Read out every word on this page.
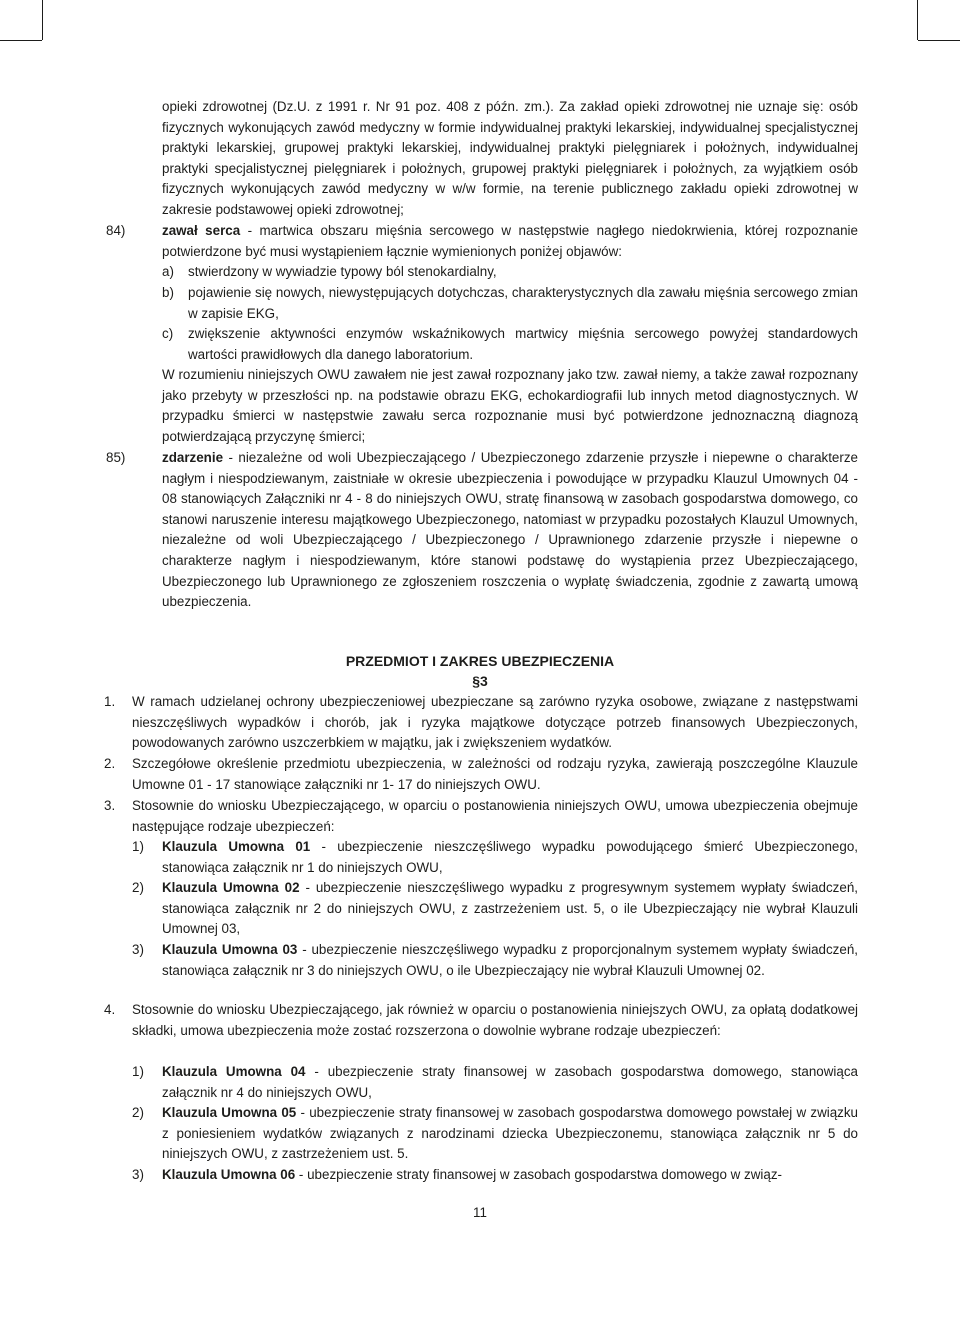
opieki zdrowotnej (Dz.U. z 1991 r. Nr 91 poz. 408 z późn. zm.). Za zakład opieki zdrowotnej nie uznaje się: osób fizycznych wykonujących zawód medyczny w formie indywidualnej praktyki lekarskiej, indywidualnej specjalistycznej praktyki lekarskiej, grupowej praktyki lekarskiej, indywidualnej praktyki pielęgniarek i położnych, indywidualnej praktyki specjalistycznej pielęgniarek i położnych, grupowej praktyki pielęgniarek i położnych, za wyjątkiem osób fizycznych wykonujących zawód medyczny w w/w formie, na terenie publicznego zakładu opieki zdrowotnej w zakresie podstawowej opieki zdrowotnej;

84)	zawał serca - martwica obszaru mięśnia sercowego w następstwie nagłego niedokrwienia, której rozpoznanie potwierdzone być musi wystąpieniem łącznie wymienionych poniżej objawów:

a) stwierdzony w wywiadzie typowy ból stenokardialny,

b) pojawienie się nowych, niewystępujących dotychczas, charakterystycznych dla zawału mięśnia sercowego zmian w zapisie EKG,

c) zwiększenie aktywności enzymów wskaźnikowych martwicy mięśnia sercowego powyżej standardowych wartości prawidłowych dla danego laboratorium.

W rozumieniu niniejszych OWU zawałem nie jest zawał rozpoznany jako tzw. zawał niemy, a także zawał rozpoznany jako przebyty w przeszłości np. na podstawie obrazu EKG, echokardiografii lub innych metod diagnostycznych. W przypadku śmierci w następstwie zawału serca rozpoznanie musi być potwierdzone jednoznaczną diagnozą potwierdzającą przyczynę śmierci;

85)	zdarzenie - niezależne od woli Ubezpieczającego / Ubezpieczonego zdarzenie przyszłe i niepewne o charakterze nagłym i niespodziewanym, zaistniałe w okresie ubezpieczenia i powodujące w przypadku Klauzul Umownych 04 - 08 stanowiących Załączniki nr 4 - 8 do niniejszych OWU, stratę finansową w zasobach gospodarstwa domowego, co stanowi naruszenie interesu majątkowego Ubezpieczonego, natomiast w przypadku pozostałych Klauzul Umownych, niezależne od woli Ubezpieczającego / Ubezpieczonego / Uprawnionego zdarzenie przyszłe i niepewne o charakterze nagłym i niespodziewanym, które stanowi podstawę do wystąpienia przez Ubezpieczającego, Ubezpieczonego lub Uprawnionego ze zgłoszeniem roszczenia o wypłatę świadczenia, zgodnie z zawartą umową ubezpieczenia.

PRZEDMIOT I ZAKRES UBEZPIECZENIA
§3
1. W ramach udzielanej ochrony ubezpieczeniowej ubezpieczane są zarówno ryzyka osobowe, związane z następstwami nieszczęśliwych wypadków i chorób, jak i ryzyka majątkowe dotyczące potrzeb finansowych Ubezpieczonych, powodowanych zarówno uszczerbkiem w majątku, jak i zwiększeniem wydatków.

2. Szczegółowe określenie przedmiotu ubezpieczenia, w zależności od rodzaju ryzyka, zawierają poszczególne Klauzule Umowne 01 - 17 stanowiące załączniki nr 1- 17 do niniejszych OWU.

3. Stosownie do wniosku Ubezpieczającego, w oparciu o postanowienia niniejszych OWU, umowa ubezpieczenia obejmuje następujące rodzaje ubezpieczeń:

1) Klauzula Umowna 01 - ubezpieczenie nieszczęśliwego wypadku powodującego śmierć Ubezpieczonego, stanowiąca załącznik nr 1 do niniejszych OWU,

2) Klauzula Umowna 02 - ubezpieczenie nieszczęśliwego wypadku z progresywnym systemem wypłaty świadczeń, stanowiąca załącznik nr 2 do niniejszych OWU, z zastrzeżeniem ust. 5, o ile Ubezpieczający nie wybrał Klauzuli Umownej 03,

3) Klauzula Umowna 03 - ubezpieczenie nieszczęśliwego wypadku z proporcjonalnym systemem wypłaty świadczeń, stanowiąca załącznik nr 3 do niniejszych OWU, o ile Ubezpieczający nie wybrał Klauzuli Umownej 02.

4. Stosownie do wniosku Ubezpieczającego, jak również w oparciu o postanowienia niniejszych OWU, za opłatą dodatkowej składki, umowa ubezpieczenia może zostać rozszerzona o dowolnie wybrane rodzaje ubezpieczeń:

1) Klauzula Umowna 04 - ubezpieczenie straty finansowej w zasobach gospodarstwa domowego, stanowiąca załącznik nr 4 do niniejszych OWU,

2) Klauzula Umowna 05 - ubezpieczenie straty finansowej w zasobach gospodarstwa domowego powstałej w związku z poniesieniem wydatków związanych z narodzinami dziecka Ubezpieczonemu, stanowiąca załącznik nr 5 do niniejszych OWU, z zastrzeżeniem ust. 5.

3) Klauzula Umowna 06 - ubezpieczenie straty finansowej w zasobach gospodarstwa domowego w związ-

11
